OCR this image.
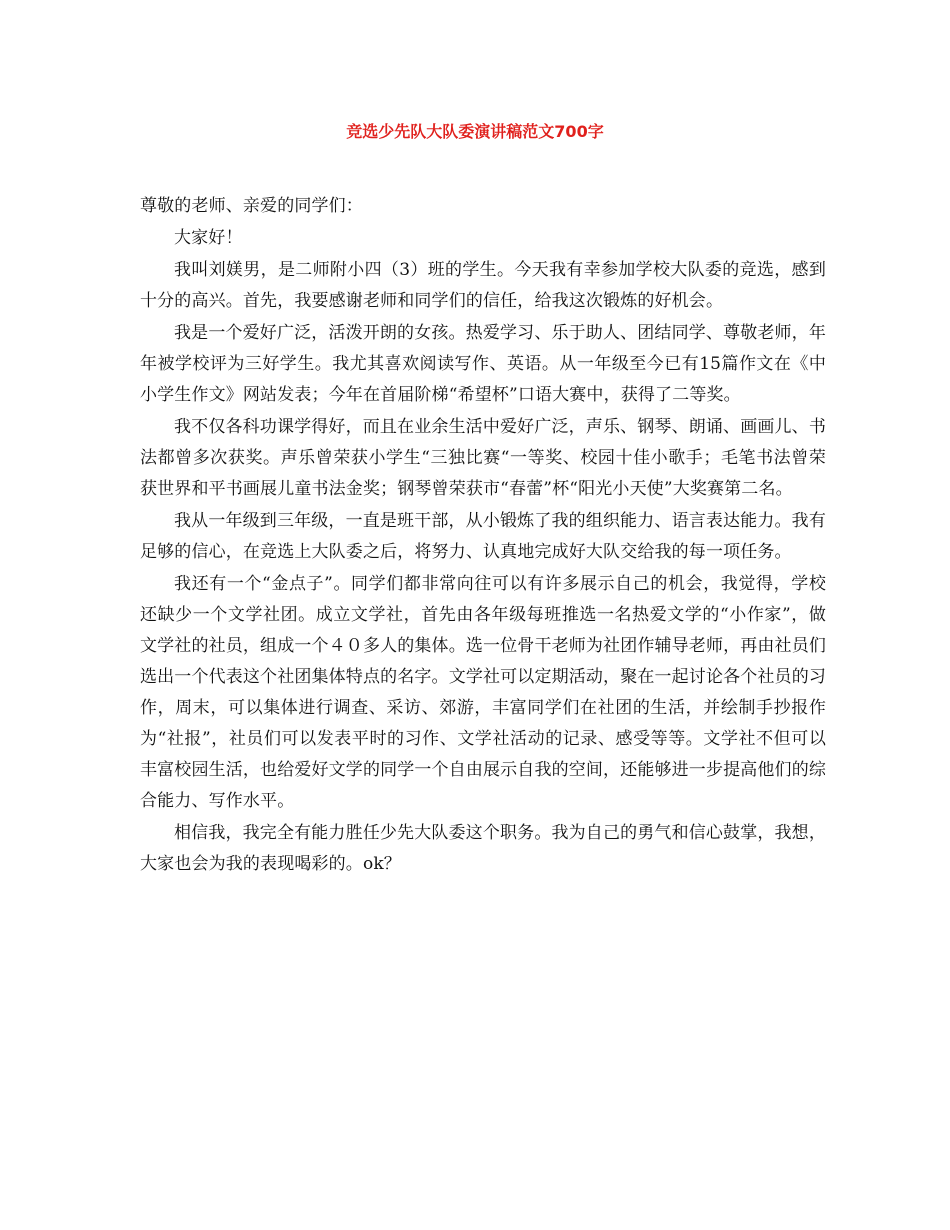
竞选少先队大队委演讲稿范文700字

尊敬的老师、亲爱的同学们：

大家好！

我叫刘媄男，是二师附小四（3）班的学生。今天我有幸参加学校大队委的竞选，感到十分的高兴。首先，我要感谢老师和同学们的信任，给我这次锻炼的好机会。

我是一个爱好广泛，活泼开朗的女孩。热爱学习、乐于助人、团结同学、尊敬老师，年年被学校评为三好学生。我尤其喜欢阅读写作、英语。从一年级至今已有15篇作文在《中小学生作文》网站发表；今年在首届阶梯“希望杯”口语大赛中，获得了二等奖。

我不仅各科功课学得好，而且在业余生活中爱好广泛，声乐、钢琴、朗诵、画画儿、书法都曾多次获奖。声乐曾荣获小学生“三独比赛“一等奖、校园十佳小歌手；毛笔书法曾荣获世界和平书画展儿童书法金奖；钢琴曾荣获市“春蕾”杯“阳光小天使”大奖赛第二名。

我从一年级到三年级，一直是班干部，从小锻炼了我的组织能力、语言表达能力。我有足够的信心，在竞选上大队委之后，将努力、认真地完成好大队交给我的每一项任务。

我还有一个“金点子”。同学们都非常向往可以有许多展示自己的机会，我觉得，学校还缺少一个文学社团。成立文学社，首先由各年级每班推选一名热爱文学的“小作家”，做文学社的社员，组成一个４０多人的集体。选一位骨干老师为社团作辅导老师，再由社员们选出一个代表这个社团集体特点的名字。文学社可以定期活动，聚在一起讨论各个社员的习作，周末，可以集体进行调查、采访、郊游，丰富同学们在社团的生活，并绘制手抄报作为“社报”，社员们可以发表平时的习作、文学社活动的记录、感受等等。文学社不但可以丰富校园生活，也给爱好文学的同学一个自由展示自我的空间，还能够进一步提高他们的综合能力、写作水平。

相信我，我完全有能力胜任少先大队委这个职务。我为自己的勇气和信心鼓掌，我想，大家也会为我的表现喝彩的。ok？
